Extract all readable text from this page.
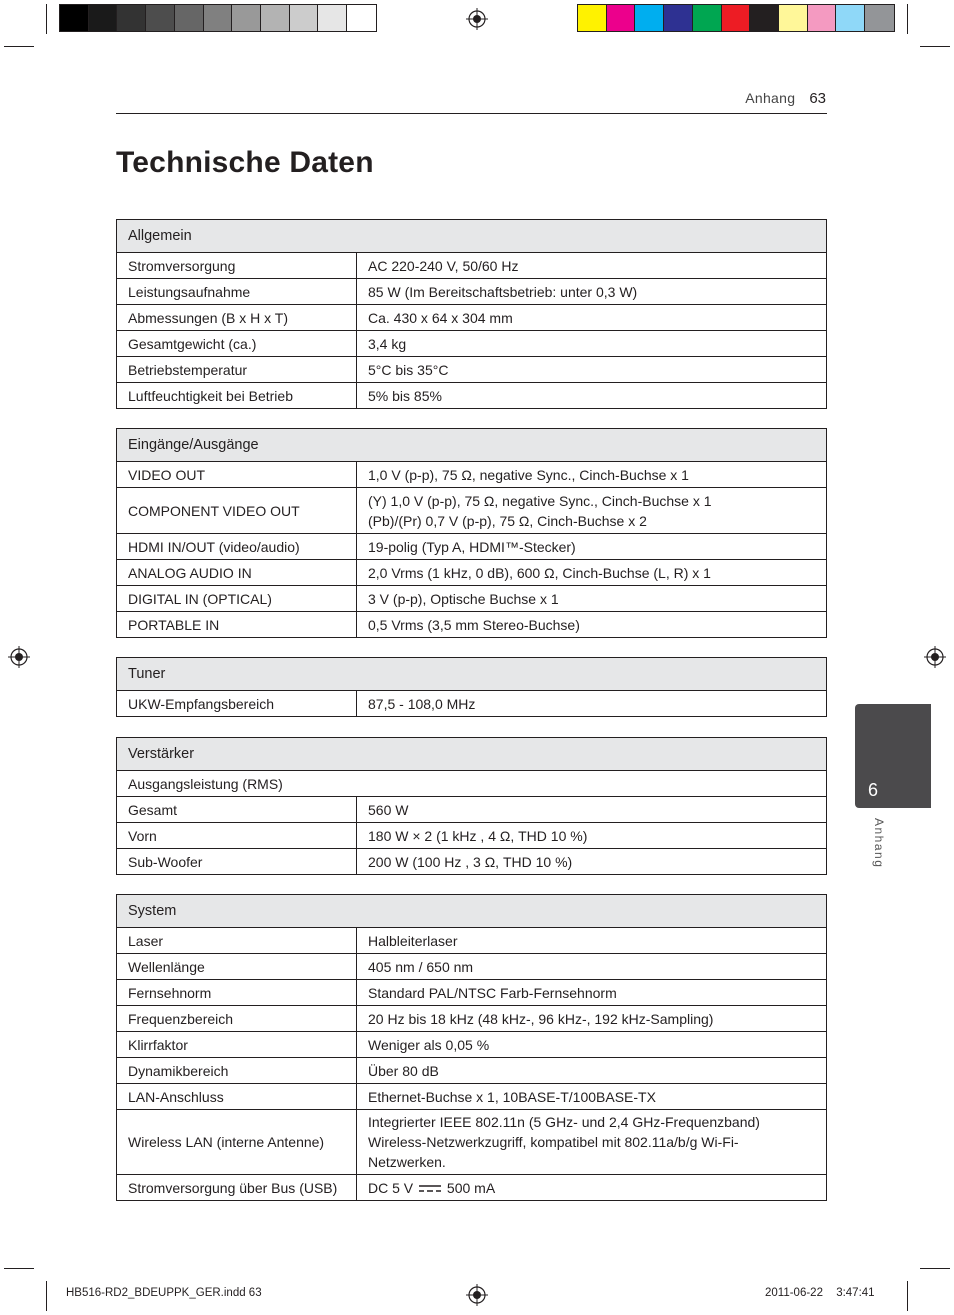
Anhang 63
Technische Daten
Allgemein	
Stromversorgung	AC 220-240 V, 50/60 Hz
Leistungsaufnahme	85 W (Im Bereitschaftsbetrieb: unter 0,3 W)
Abmessungen (B x H x T)	Ca. 430 x 64 x 304 mm
Gesamtgewicht (ca.)	3,4 kg
Betriebstemperatur	5°C bis 35°C
Luftfeuchtigkeit bei Betrieb	5% bis 85%
Eingänge/Ausgänge	
VIDEO OUT	1,0 V (p-p), 75 Ω, negative Sync., Cinch-Buchse x 1
COMPONENT VIDEO OUT	(Y) 1,0 V (p-p), 75 Ω, negative Sync., Cinch-Buchse x 1
(Pb)/(Pr) 0,7 V (p-p), 75 Ω, Cinch-Buchse x 2

HDMI IN/OUT (video/audio)	19-polig (Typ A, HDMI™-Stecker)
ANALOG AUDIO IN	2,0 Vrms (1 kHz, 0 dB), 600 Ω, Cinch-Buchse (L, R) x 1
DIGITAL IN (OPTICAL)	3 V (p-p), Optische Buchse x 1
PORTABLE IN	0,5 Vrms (3,5 mm Stereo-Buchse)
Tuner
UKW-Empfangsbereich	87,5 - 108,0 MHz
Verstärker	
Ausgangsleistung (RMS)	
Gesamt	560 W
Vorn	180 W × 2 (1 kHz , 4 Ω, THD 10 %)
Sub-Woofer	200 W (100 Hz , 3 Ω, THD 10 %)
System	
Laser	Halbleiterlaser
Wellenlänge	405 nm / 650 nm
Fernsehnorm	Standard PAL/NTSC Farb-Fernsehnorm
Frequenzbereich	20 Hz bis 18 kHz (48 kHz-, 96 kHz-, 192 kHz-Sampling)
Klirrfaktor	Weniger als 0,05 %
Dynamikbereich	Über 80 dB
LAN-Anschluss	Ethernet-Buchse x 1, 10BASE-T/100BASE-TX
Wireless LAN (interne Antenne)	Integrierter IEEE 802.11n (5 GHz- und 2,4 GHz-Frequenzband)
Wireless-Netzwerkzugriff, kompatibel mit 802.11a/b/g Wi-Fi-
Netzwerken.

Stromversorgung über Bus (USB)	DC 5 V 500 mA
6
Anhang
HB516-RD2_BDEUPPK_GER.indd 63	2011-06-22 3:47:41
